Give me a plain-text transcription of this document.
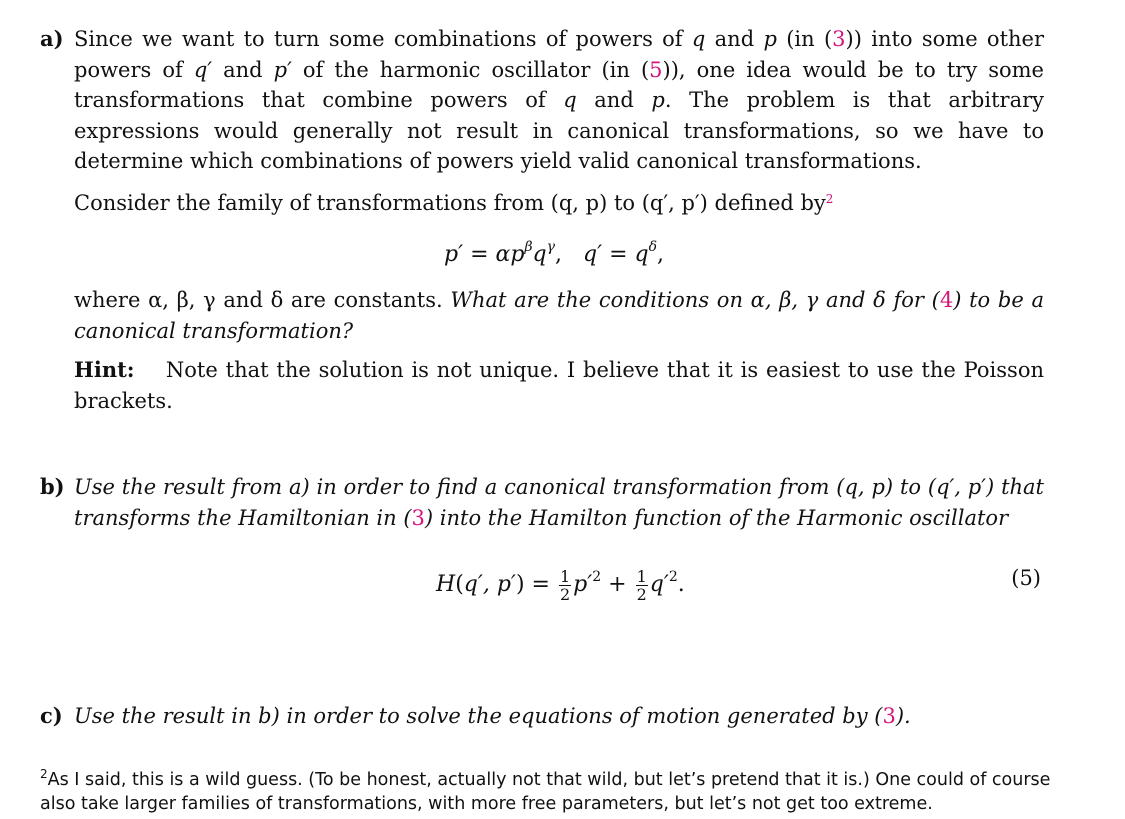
a) Since we want to turn some combinations of powers of q and p (in (3)) into some other powers of q′ and p′ of the harmonic oscillator (in (5)), one idea would be to try some transformations that combine powers of q and p. The problem is that arbitrary expressions would generally not result in canonical transformations, so we have to determine which combinations of powers yield valid canonical transformations.
Consider the family of transformations from (q, p) to (q′, p′) defined by$^2$
$p' = \alpha p^\beta q^\gamma$,   $q' = q^\delta$,
where α, β, γ and δ are constants. What are the conditions on α, β, γ and δ for (4) to be a canonical transformation?
Hint: Note that the solution is not unique. I believe that it is easiest to use the Poisson brackets.
b) Use the result from a) in order to find a canonical transformation from (q, p) to (q′, p′) that transforms the Hamiltonian in (3) into the Hamilton function of the Harmonic oscillator
H(q′, $p') = \frac{1}{2} p'^2 + \frac{1}{2} q'^2$.	(5)
c) Use the result in b) in order to solve the equations of motion generated by (3).
$^2$As I said, this is a wild guess. (To be honest, actually not that wild, but let’s pretend that it is.) One could of course also take larger families of transformations, with more free parameters, but let’s not get too extreme.
